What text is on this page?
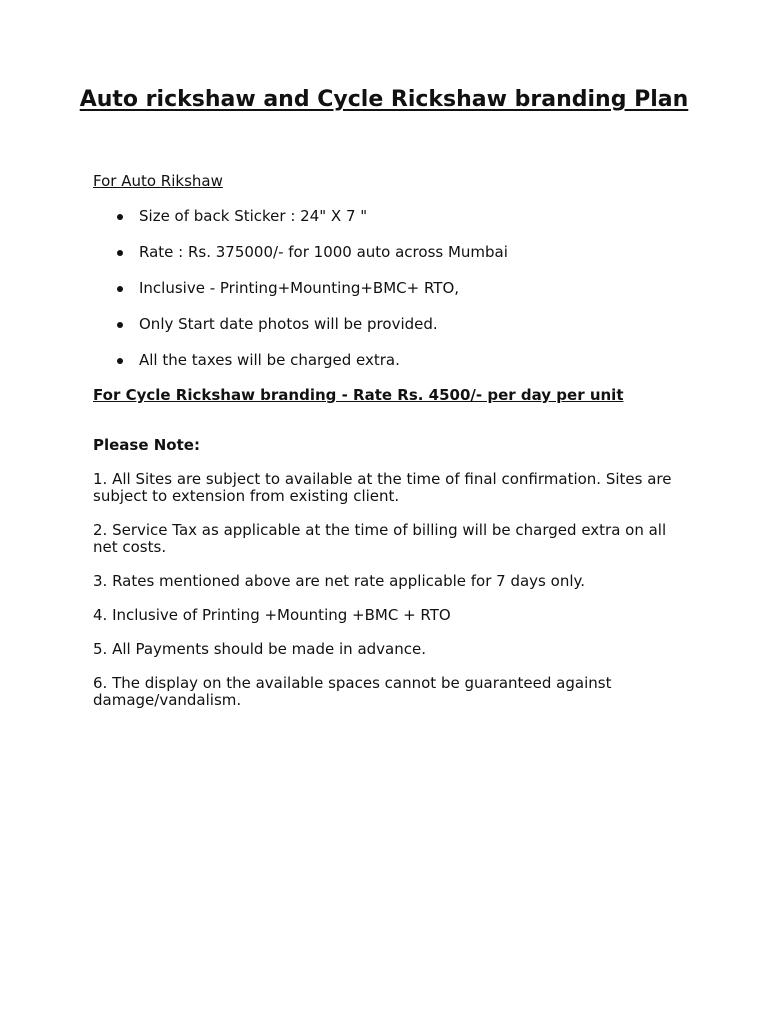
Auto rickshaw and Cycle Rickshaw branding Plan

For Auto Rikshaw

Size of back Sticker : 24" X 7 "
Rate : Rs. 375000/- for 1000 auto across Mumbai
Inclusive - Printing+Mounting+BMC+ RTO,
Only Start date photos will be provided.
All the taxes will be charged extra.

For Cycle Rickshaw branding - Rate Rs. 4500/- per day per unit

Please Note:

1. All Sites are subject to available at the time of final confirmation. Sites are subject to extension from existing client.

2. Service Tax as applicable at the time of billing will be charged extra on all net costs.

3. Rates mentioned above are net rate applicable for 7 days only.

4. Inclusive of Printing +Mounting +BMC + RTO

5. All Payments should be made in advance.

6. The display on the available spaces cannot be guaranteed against damage/vandalism.
